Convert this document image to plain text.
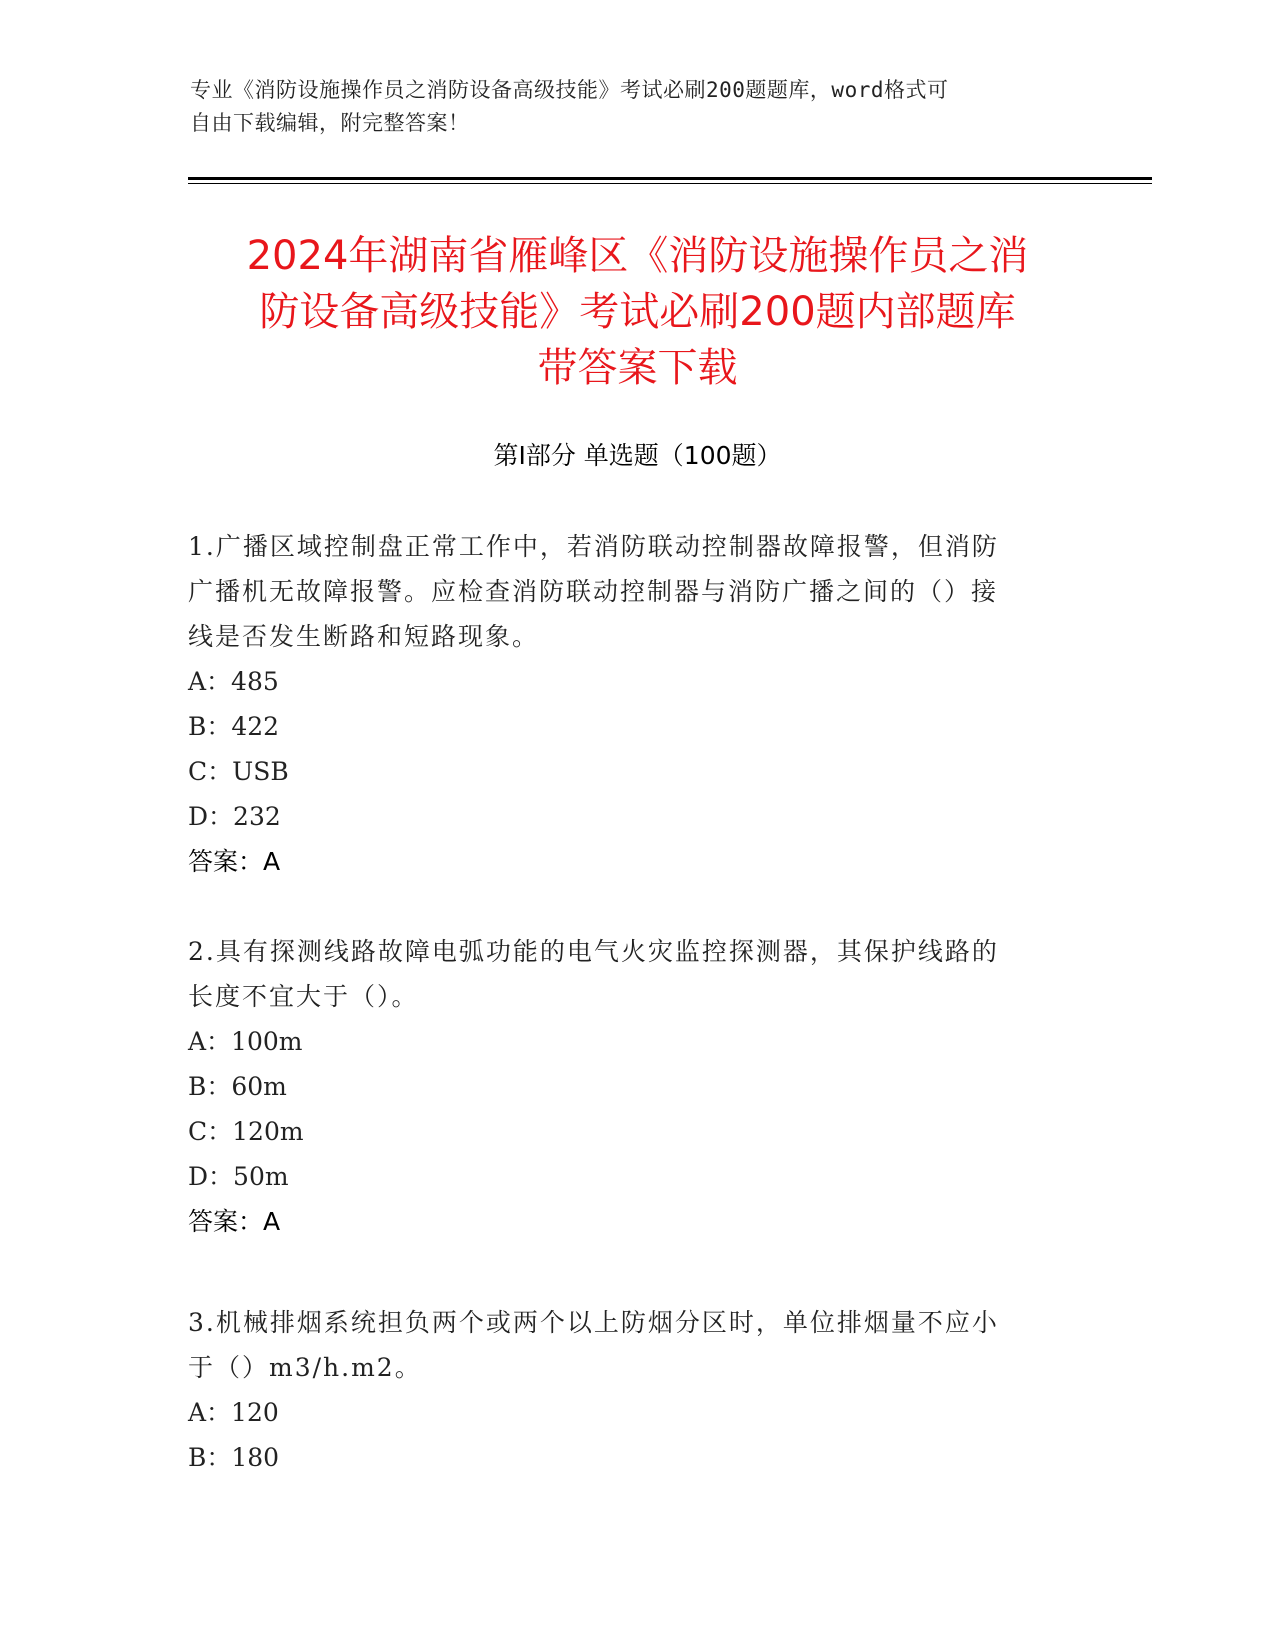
专业《消防设施操作员之消防设备高级技能》考试必刷200题题库，word格式可
自由下载编辑，附完整答案！
2024年湖南省雁峰区《消防设施操作员之消
防设备高级技能》考试必刷200题内部题库
带答案下载
第I部分 单选题（100题）

1.广播区域控制盘正常工作中，若消防联动控制器故障报警，但消防

广播机无故障报警。应检查消防联动控制器与消防广播之间的（）接

线是否发生断路和短路现象。

A：485

B：422

C：USB

D：232

答案：A

2.具有探测线路故障电弧功能的电气火灾监控探测器，其保护线路的

长度不宜大于（）。

A：100m

B：60m

C：120m

D：50m

答案：A

3.机械排烟系统担负两个或两个以上防烟分区时，单位排烟量不应小

于（）m3/h.m2。

A：120

B：180
